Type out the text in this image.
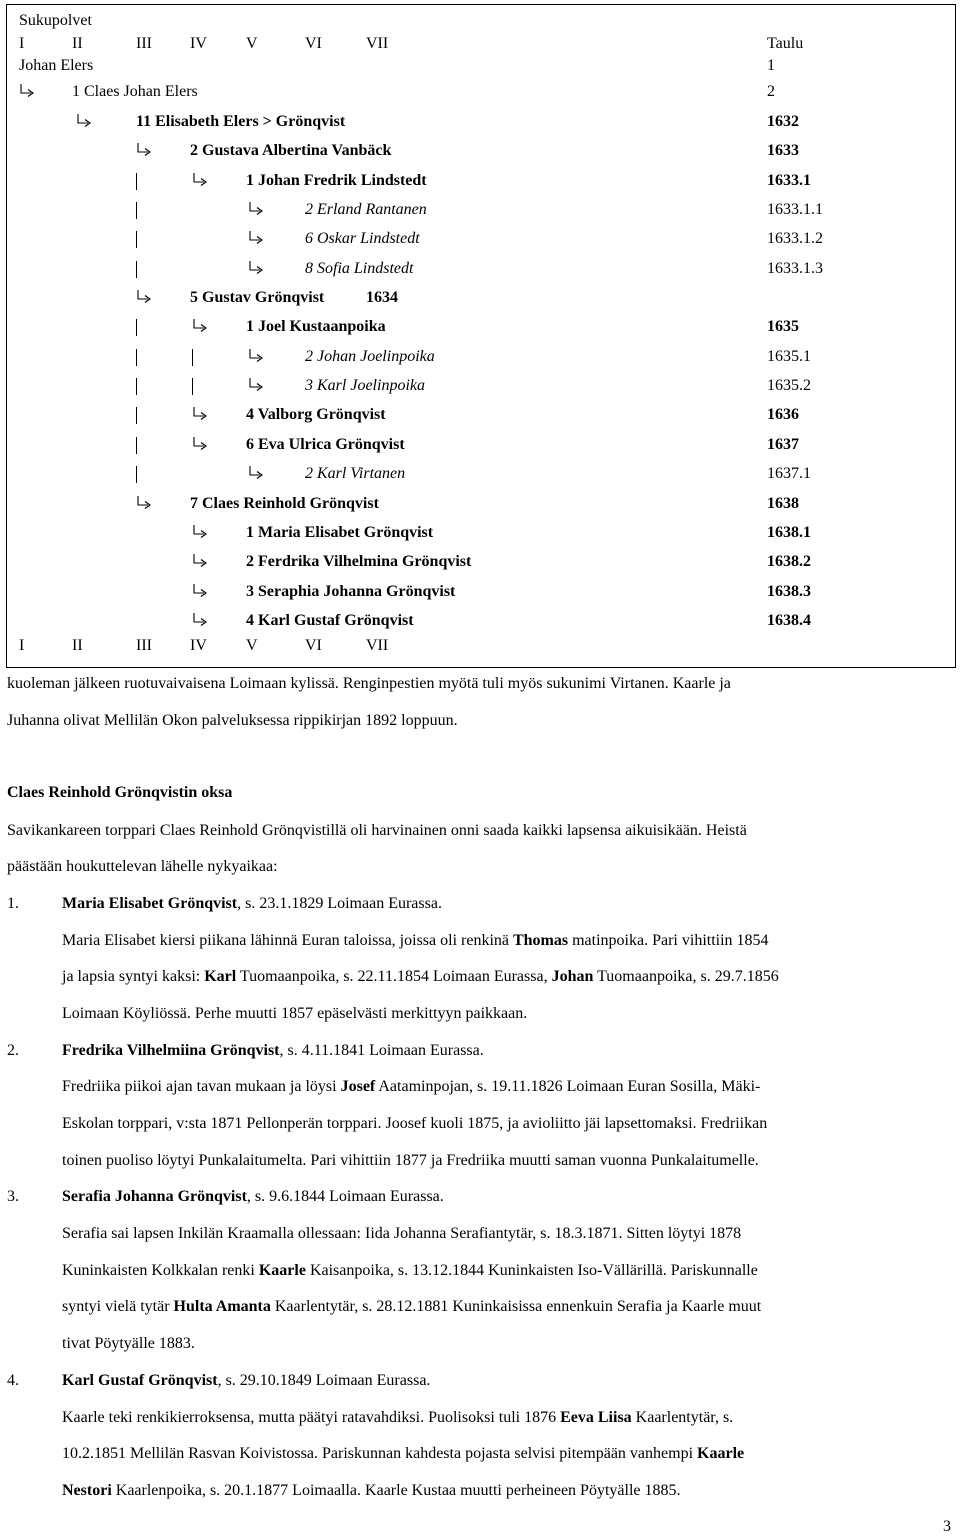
Sukupolvet
I	II	III IV V	VI	VII	Taulu
I	II	III IV V	VI	VII
Johan Elers	1
1 Claes Johan Elers	2
11 Elisabeth Elers > Grönqvist	1632
2 Gustava Albertina Vanbäck	1633
1 Johan Fredrik Lindstedt	1633.1
2 Erland Rantanen	1633.1.1
6 Oskar Lindstedt	1633.1.2
8 Sofia Lindstedt	1633.1.3
5 Gustav Grönqvist	1634
1 Joel Kustaanpoika	1635
2 Johan Joelinpoika	1635.1
3 Karl Joelinpoika	1635.2
4 Valborg Grönqvist	1636
6 Eva Ulrica Grönqvist	1637
2 Karl Virtanen	1637.1
7 Claes Reinhold Grönqvist	1638
1 Maria Elisabet Grönqvist	1638.1
2 Ferdrika Vilhelmina Grönqvist	1638.2
3 Seraphia Johanna Grönqvist	1638.3
4 Karl Gustaf Grönqvist	1638.4
kuoleman jälkeen ruotuvaivaisena Loimaan kylissä. Renginpestien myötä tuli myös sukunimi Virtanen. Kaarle ja
Juhanna olivat Mellilän Okon palveluksessa rippikirjan 1892 loppuun.
Claes Reinhold Grönqvistin oksa
Savikankareen torppari Claes Reinhold Grönqvistillä oli harvinainen onni saada kaikki lapsensa aikuisikään. Heistä
päästään houkuttelevan lähelle nykyaikaa:
1.	Maria Elisabet Grönqvist, s. 23.1.1829 Loimaan Eurassa.
Maria Elisabet kiersi piikana lähinnä Euran taloissa, joissa oli renkinä Thomas matinpoika. Pari vihittiin 1854
ja lapsia syntyi kaksi: Karl Tuomaanpoika, s. 22.11.1854 Loimaan Eurassa, Johan Tuomaanpoika, s. 29.7.1856
Loimaan Köyliössä. Perhe muutti 1857 epäselvästi merkittyyn paikkaan.
2.	Fredrika Vilhelmiina Grönqvist, s. 4.11.1841 Loimaan Eurassa.
Fredriika piikoi ajan tavan mukaan ja löysi Josef Aataminpojan, s. 19.11.1826 Loimaan Euran Sosilla, Mäki-
Eskolan torppari, v:sta 1871 Pellonperän torppari. Joosef kuoli 1875, ja avioliitto jäi lapsettomaksi. Fredriikan
toinen puoliso löytyi Punkalaitumelta. Pari vihittiin 1877 ja Fredriika muutti saman vuonna Punkalaitumelle.
3.	Serafia Johanna Grönqvist, s. 9.6.1844 Loimaan Eurassa.
Serafia sai lapsen Inkilän Kraamalla ollessaan: Iida Johanna Serafiantytär, s. 18.3.1871. Sitten löytyi 1878
Kuninkaisten Kolkkalan renki Kaarle Kaisanpoika, s. 13.12.1844 Kuninkaisten Iso-Vällärillä. Pariskunnalle
syntyi vielä tytär Hulta Amanta Kaarlentytär, s. 28.12.1881 Kuninkaisissa ennenkuin Serafia ja Kaarle muut
tivat Pöytyälle 1883.
4.	Karl Gustaf Grönqvist, s. 29.10.1849 Loimaan Eurassa.
Kaarle teki renkikierroksensa, mutta päätyi ratavahdiksi. Puolisoksi tuli 1876 Eeva Liisa Kaarlentytär, s.
10.2.1851 Mellilän Rasvan Koivistossa. Pariskunnan kahdesta pojasta selvisi pitempään vanhempi Kaarle
Nestori Kaarlenpoika, s. 20.1.1877 Loimaalla. Kaarle Kustaa muutti perheineen Pöytyälle 1885.
3
